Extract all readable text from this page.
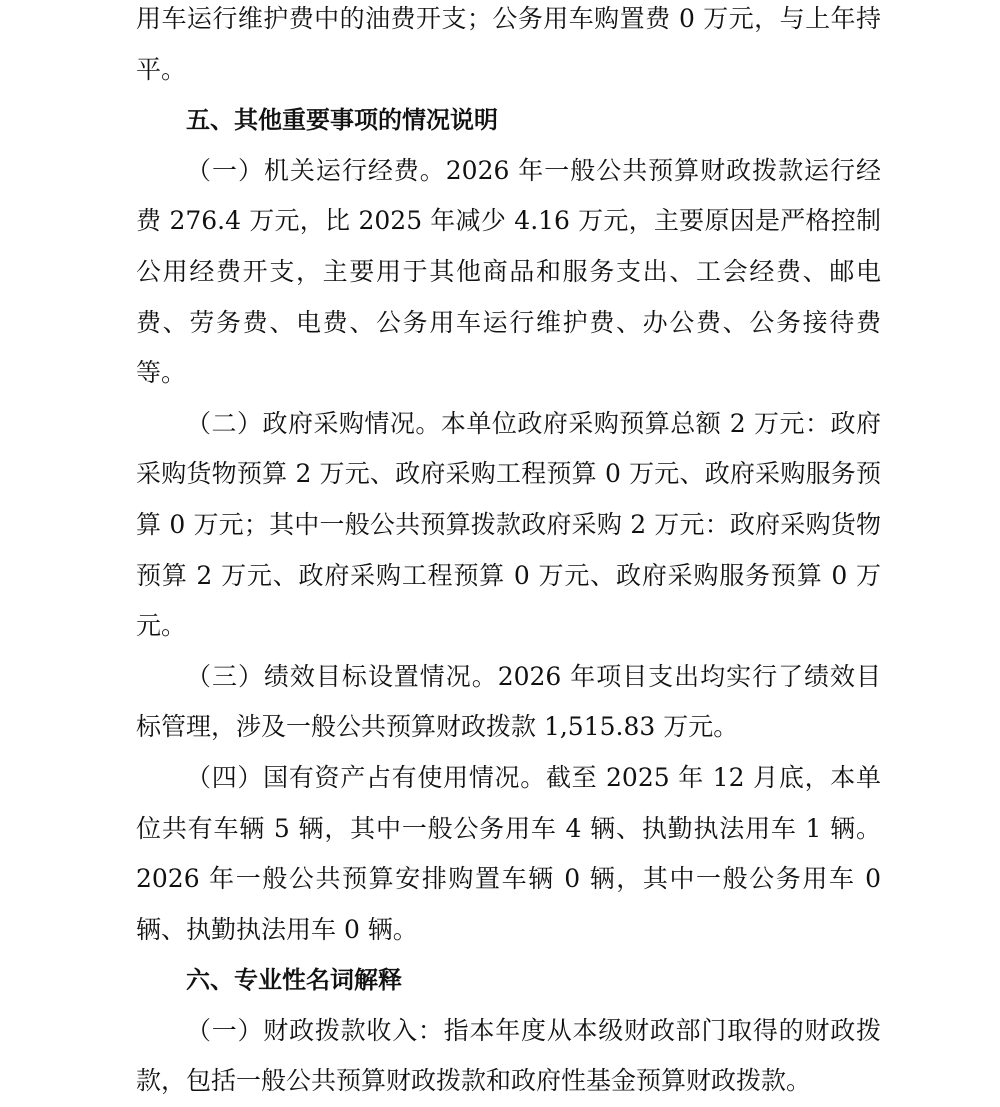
用车运行维护费中的油费开支；公务用车购置费 0 万元，与上年持平。

五、其他重要事项的情况说明

（一）机关运行经费。2026 年一般公共预算财政拨款运行经费 276.4 万元，比 2025 年减少 4.16 万元，主要原因是严格控制公用经费开支，主要用于其他商品和服务支出、工会经费、邮电费、劳务费、电费、公务用车运行维护费、办公费、公务接待费等。

（二）政府采购情况。本单位政府采购预算总额 2 万元：政府采购货物预算 2 万元、政府采购工程预算 0 万元、政府采购服务预算 0 万元；其中一般公共预算拨款政府采购 2 万元：政府采购货物预算 2 万元、政府采购工程预算 0 万元、政府采购服务预算 0 万元。

（三）绩效目标设置情况。2026 年项目支出均实行了绩效目标管理，涉及一般公共预算财政拨款 1,515.83 万元。

（四）国有资产占有使用情况。截至 2025 年 12 月底，本单位共有车辆 5 辆，其中一般公务用车 4 辆、执勤执法用车 1 辆。2026 年一般公共预算安排购置车辆 0 辆，其中一般公务用车 0 辆、执勤执法用车 0 辆。

六、专业性名词解释

（一）财政拨款收入：指本年度从本级财政部门取得的财政拨款，包括一般公共预算财政拨款和政府性基金预算财政拨款。
